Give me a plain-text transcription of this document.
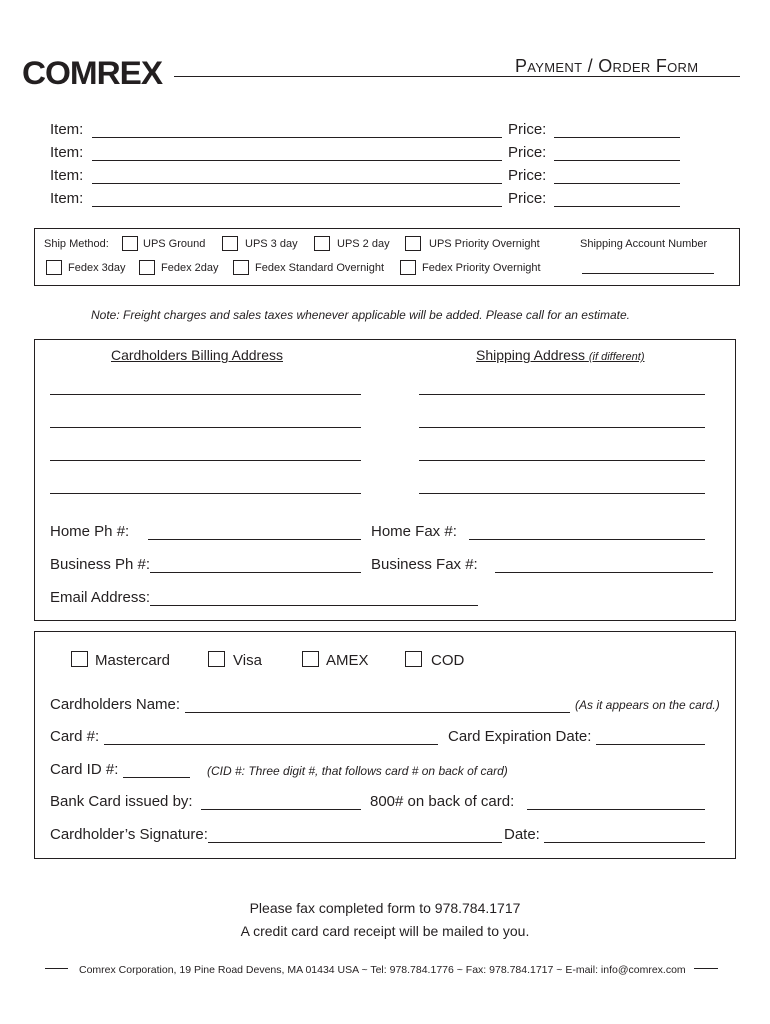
COMREX	Payment / Order Form
Item:	Price:
Item:	Price:
Item:	Price:
Item:	Price:
Ship Method:	UPS Ground	UPS 3 day	UPS 2 day	UPS Priority Overnight	Shipping Account Number
Fedex 3day	Fedex 2day	Fedex Standard Overnight	Fedex Priority Overnight
Note: Freight charges and sales taxes whenever applicable will be added. Please call for an estimate.
Cardholders Billing Address	Shipping Address (if different)
Home Ph #:	Home Fax #:
Business Ph #:	Business Fax #:
Email Address:
Mastercard	Visa	AMEX	COD
Cardholders Name:	(As it appears on the card.)
Card #:	Card Expiration Date:
Card ID #:	(CID #: Three digit #, that follows card # on back of card)
Bank Card issued by:	800# on back of card:
Cardholder’s Signature:	Date:
Please fax completed form to 978.784.1717
A credit card card receipt will be mailed to you.
Comrex Corporation, 19 Pine Road Devens, MA 01434 USA ~ Tel: 978.784.1776 ~ Fax: 978.784.1717 ~ E-mail: info@comrex.com
